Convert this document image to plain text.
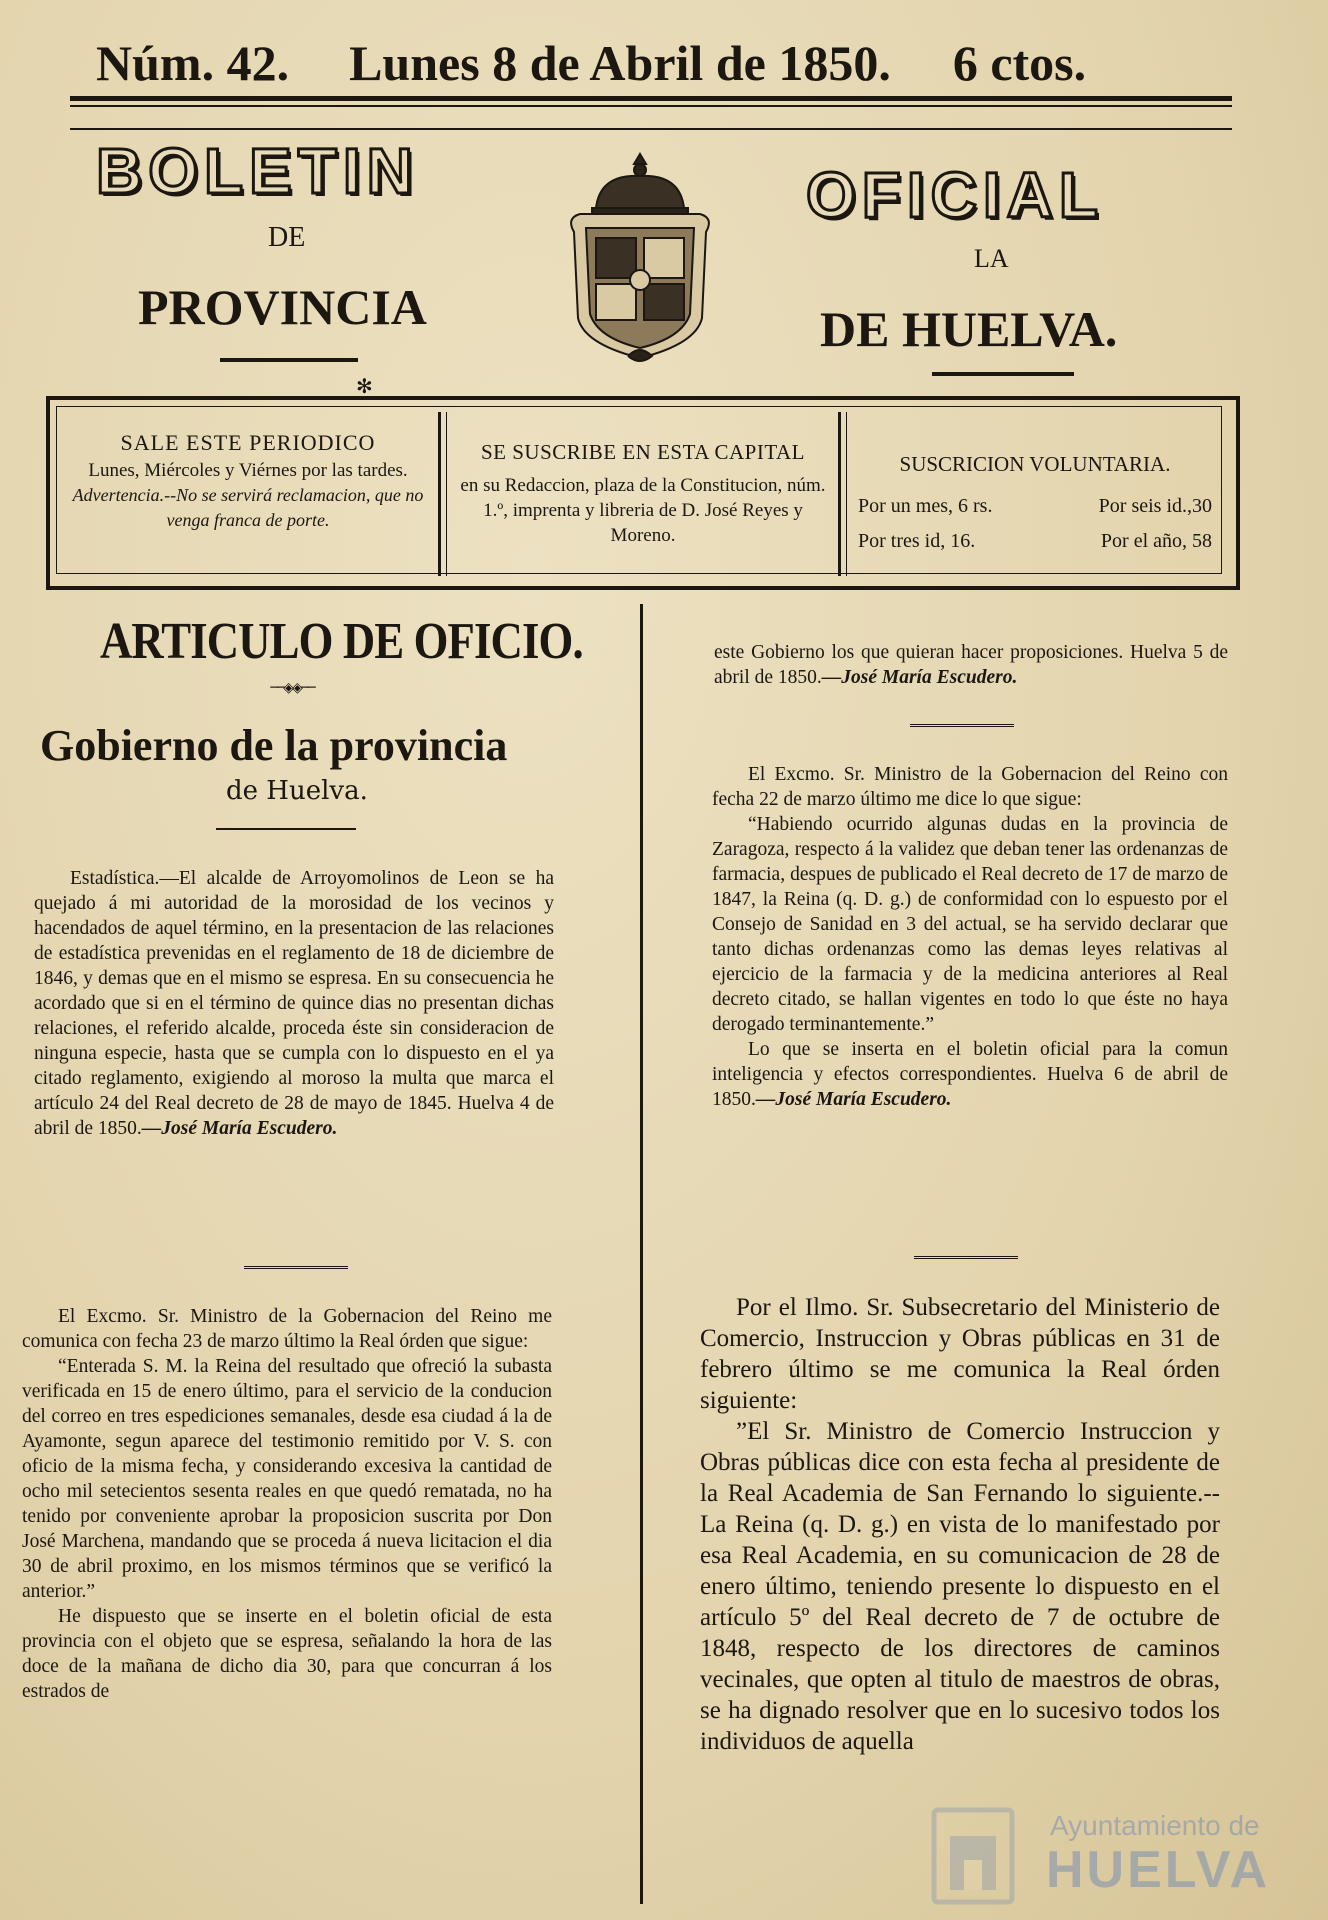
Núm. 42. Lunes 8 de Abril de 1850. 6 ctos.
BOLETIN
DE
PROVINCIA
OFICIAL
LA
DE HUELVA.
✻
SALE ESTE PERIODICO
Lunes, Miércoles y Viérnes por las tardes.
Advertencia.--No se servirá reclamacion, que no venga franca de porte.
SE SUSCRIBE EN ESTA CAPITAL
en su Redaccion, plaza de la Constitucion, núm. 1.º, imprenta y libreria de D. José Reyes y Moreno.
SUSCRICION VOLUNTARIA.
Por un mes, 6 rs.	Por seis id.,30
Por tres id, 16.	Por el año, 58
ARTICULO DE OFICIO.
──◈◈──
Gobierno de la provincia
de Huelva.

Estadística.—El alcalde de Arroyomolinos de Leon se ha quejado á mi autoridad de la morosidad de los vecinos y hacendados de aquel término, en la presentacion de las relaciones de estadística prevenidas en el reglamento de 18 de diciembre de 1846, y demas que en el mismo se espresa. En su consecuencia he acordado que si en el término de quince dias no presentan dichas relaciones, el referido alcalde, proceda éste sin consideracion de ninguna especie, hasta que se cumpla con lo dispuesto en el ya citado reglamento, exigiendo al moroso la multa que marca el artículo 24 del Real decreto de 28 de mayo de 1845. Huelva 4 de abril de 1850.—José María Escudero.

El Excmo. Sr. Ministro de la Gobernacion del Reino me comunica con fecha 23 de marzo último la Real órden que sigue:

“Enterada S. M. la Reina del resultado que ofreció la subasta verificada en 15 de enero último, para el servicio de la conducion del correo en tres espediciones semanales, desde esa ciudad á la de Ayamonte, segun aparece del testimonio remitido por V. S. con oficio de la misma fecha, y considerando excesiva la cantidad de ocho mil setecientos sesenta reales en que quedó rematada, no ha tenido por conveniente aprobar la proposicion suscrita por Don José Marchena, mandando que se proceda á nueva licitacion el dia 30 de abril proximo, en los mismos términos que se verificó la anterior.”

He dispuesto que se inserte en el boletin oficial de esta provincia con el objeto que se espresa, señalando la hora de las doce de la mañana de dicho dia 30, para que concurran á los estrados de

este Gobierno los que quieran hacer proposiciones. Huelva 5 de abril de 1850.—José María Escudero.

El Excmo. Sr. Ministro de la Gobernacion del Reino con fecha 22 de marzo último me dice lo que sigue:

“Habiendo ocurrido algunas dudas en la provincia de Zaragoza, respecto á la validez que deban tener las ordenanzas de farmacia, despues de publicado el Real decreto de 17 de marzo de 1847, la Reina (q. D. g.) de conformidad con lo espuesto por el Consejo de Sanidad en 3 del actual, se ha servido declarar que tanto dichas ordenanzas como las demas leyes relativas al ejercicio de la farmacia y de la medicina anteriores al Real decreto citado, se hallan vigentes en todo lo que éste no haya derogado terminantemente.”

Lo que se inserta en el boletin oficial para la comun inteligencia y efectos correspondientes. Huelva 6 de abril de 1850.—José María Escudero.

Por el Ilmo. Sr. Subsecretario del Ministerio de Comercio, Instruccion y Obras públicas en 31 de febrero último se me comunica la Real órden siguiente:

”El Sr. Ministro de Comercio Instruccion y Obras públicas dice con esta fecha al presidente de la Real Academia de San Fernando lo siguiente.--La Reina (q. D. g.) en vista de lo manifestado por esa Real Academia, en su comunicacion de 28 de enero último, teniendo presente lo dispuesto en el artículo 5º del Real decreto de 7 de octubre de 1848, respecto de los directores de caminos vecinales, que opten al titulo de maestros de obras, se ha dignado resolver que en lo sucesivo todos los individuos de aquella

Ayuntamiento de
HUELVA
